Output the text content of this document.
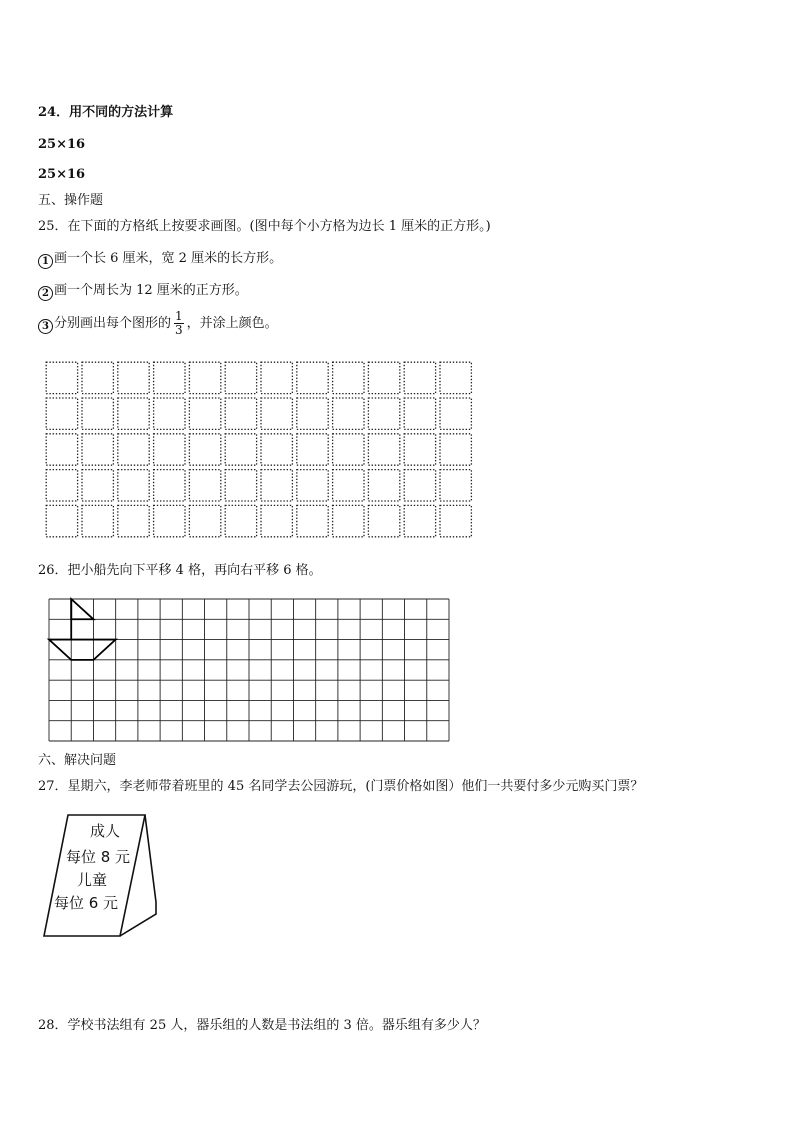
24．用不同的方法计算
25×16
25×16
五、操作题
25．在下面的方格纸上按要求画图。(图中每个小方格为边长 1 厘米的正方形。)
1 画一个长 6 厘米，宽 2 厘米的长方形。
2 画一个周长为 12 厘米的正方形。
3 分别画出每个图形的 $\frac{1}{3}$ ，并涂上颜色。
26．把小船先向下平移 4 格，再向右平移 6 格。
六、解决问题
27．星期六，李老师带着班里的 45 名同学去公园游玩，(门票价格如图）他们一共要付多少元购买门票？
成人
每位 8 元
儿童
每位 6 元
28．学校书法组有 25 人，器乐组的人数是书法组的 3 倍。器乐组有多少人？
